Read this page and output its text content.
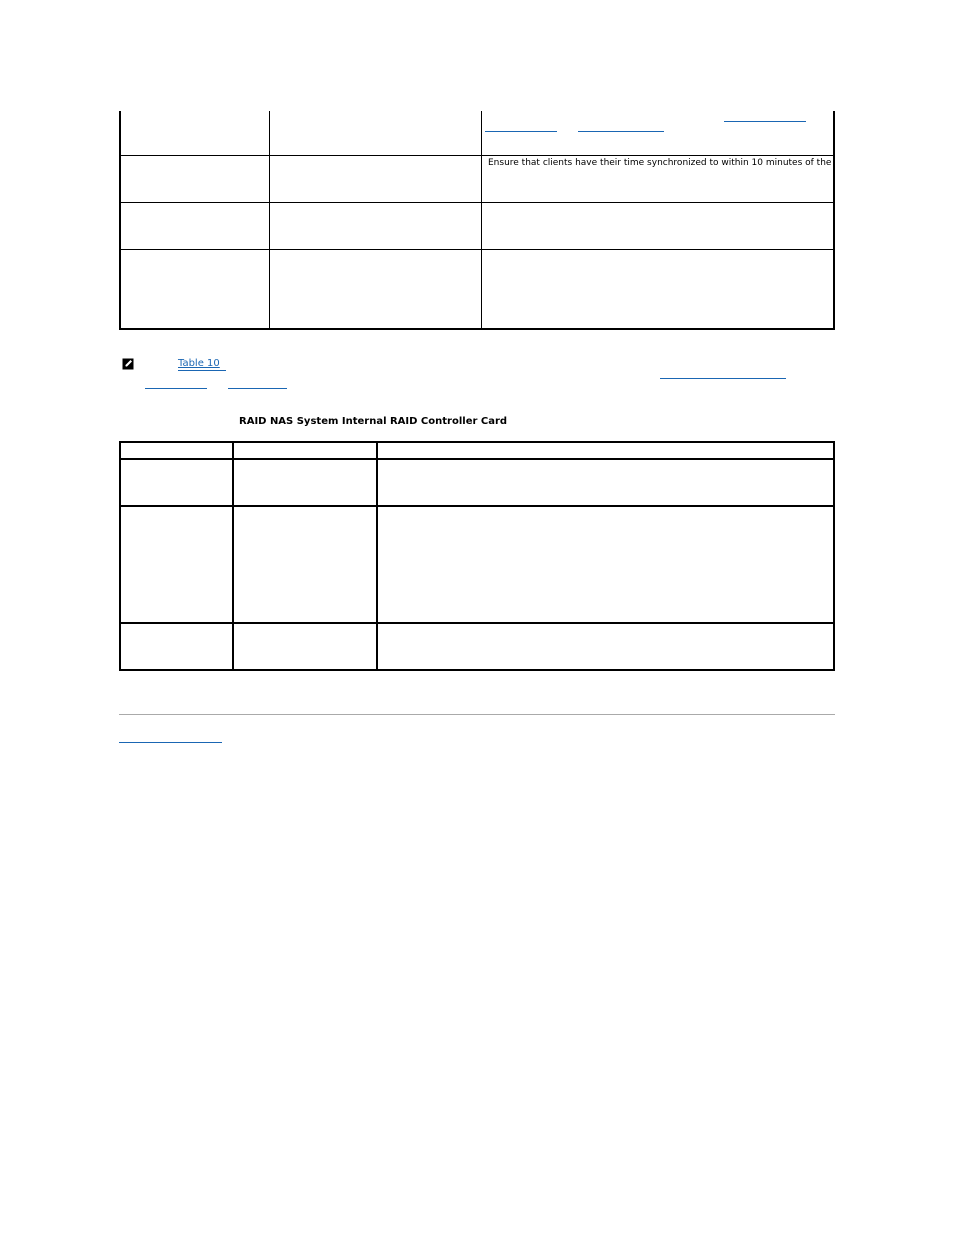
Ensure that clients have their time synchronized to within 10 minutes of the
Table 10
RAID NAS System Internal RAID Controller Card
